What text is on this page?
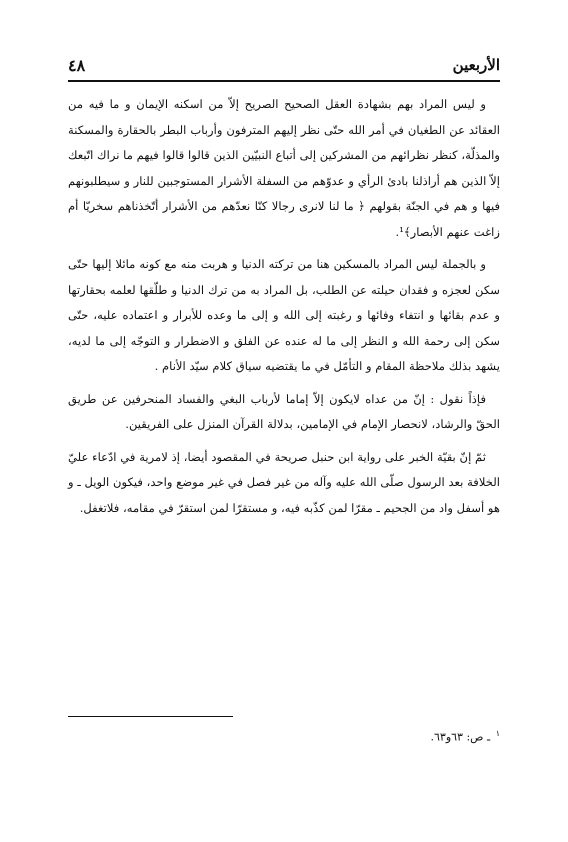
٤٨	الأربعين

و ليس المراد بهم بشهادة العقل الصحيح الصريح إلاّ من اسكنه الإيمان و ما فيه من العقائد عن الطغيان في أمر الله حتّى نظر إليهم المترفون وأرباب البطر بالحقارة والمسكنة والمذلّة، كنظر نظرائهم من المشركين إلى أتباع النبيّين الذين قالوا قالوا فيهم ما نراك اتّبعك إلاّ الذين هم أراذلنا بادئ الرأي و عدوّهم من السفلة الأشرار المستوجبين للنار و سيطلبونهم فيها و هم في الجنّة بقولهم ﴿ ما لنا لانرى رجالا كنّا نعدّهم من الأشرار أتّخذناهم سخريّا أم زاغت عنهم الأبصار﴾¹.

و بالجملة ليس المراد بالمسكين هنا من تركته الدنيا و هربت منه مع كونه مائلا إليها حتّى سكن لعجزه و فقدان حيلته عن الطلب، بل المراد به من ترك الدنيا و طلّقها لعلمه بحقارتها و عدم بقائها و انتفاء وفائها و رغبته إلى الله و إلى ما وعده للأبرار و اعتماده عليه، حتّى سكن إلى رحمة الله و النظر إلى ما له عنده عن الفلق و الاضطرار و التوجّه إلى ما لديه، يشهد بذلك ملاحظة المقام و التأمّل في ما يقتضيه سياق كلام سيّد الأنام .

فإذاً نقول : إنّ من عداه لايكون إلاّ إماما لأرباب البغي والفساد المنحرفين عن طريق الحقّ والرشاد، لانحصار الإمام في الإمامين، بدلالة القرآن المنزل على الفريقين.

ثمّ إنّ بقيّة الخبر على رواية ابن حنبل صريحة في المقصود أيضا، إذ لامرية في ادّعاء عليّ الخلافة بعد الرسول صلّى الله عليه وآله من غير فصل في غير موضع واحد، فيكون الويل ـ و هو أسفل واد من الجحيم ـ مقرّا لمن كذّبه فيه، و مستقرّا لمن استقرّ في مقامه، فلاتغفل.

$^١$ ـ ص: ٦٣و٦٣.
